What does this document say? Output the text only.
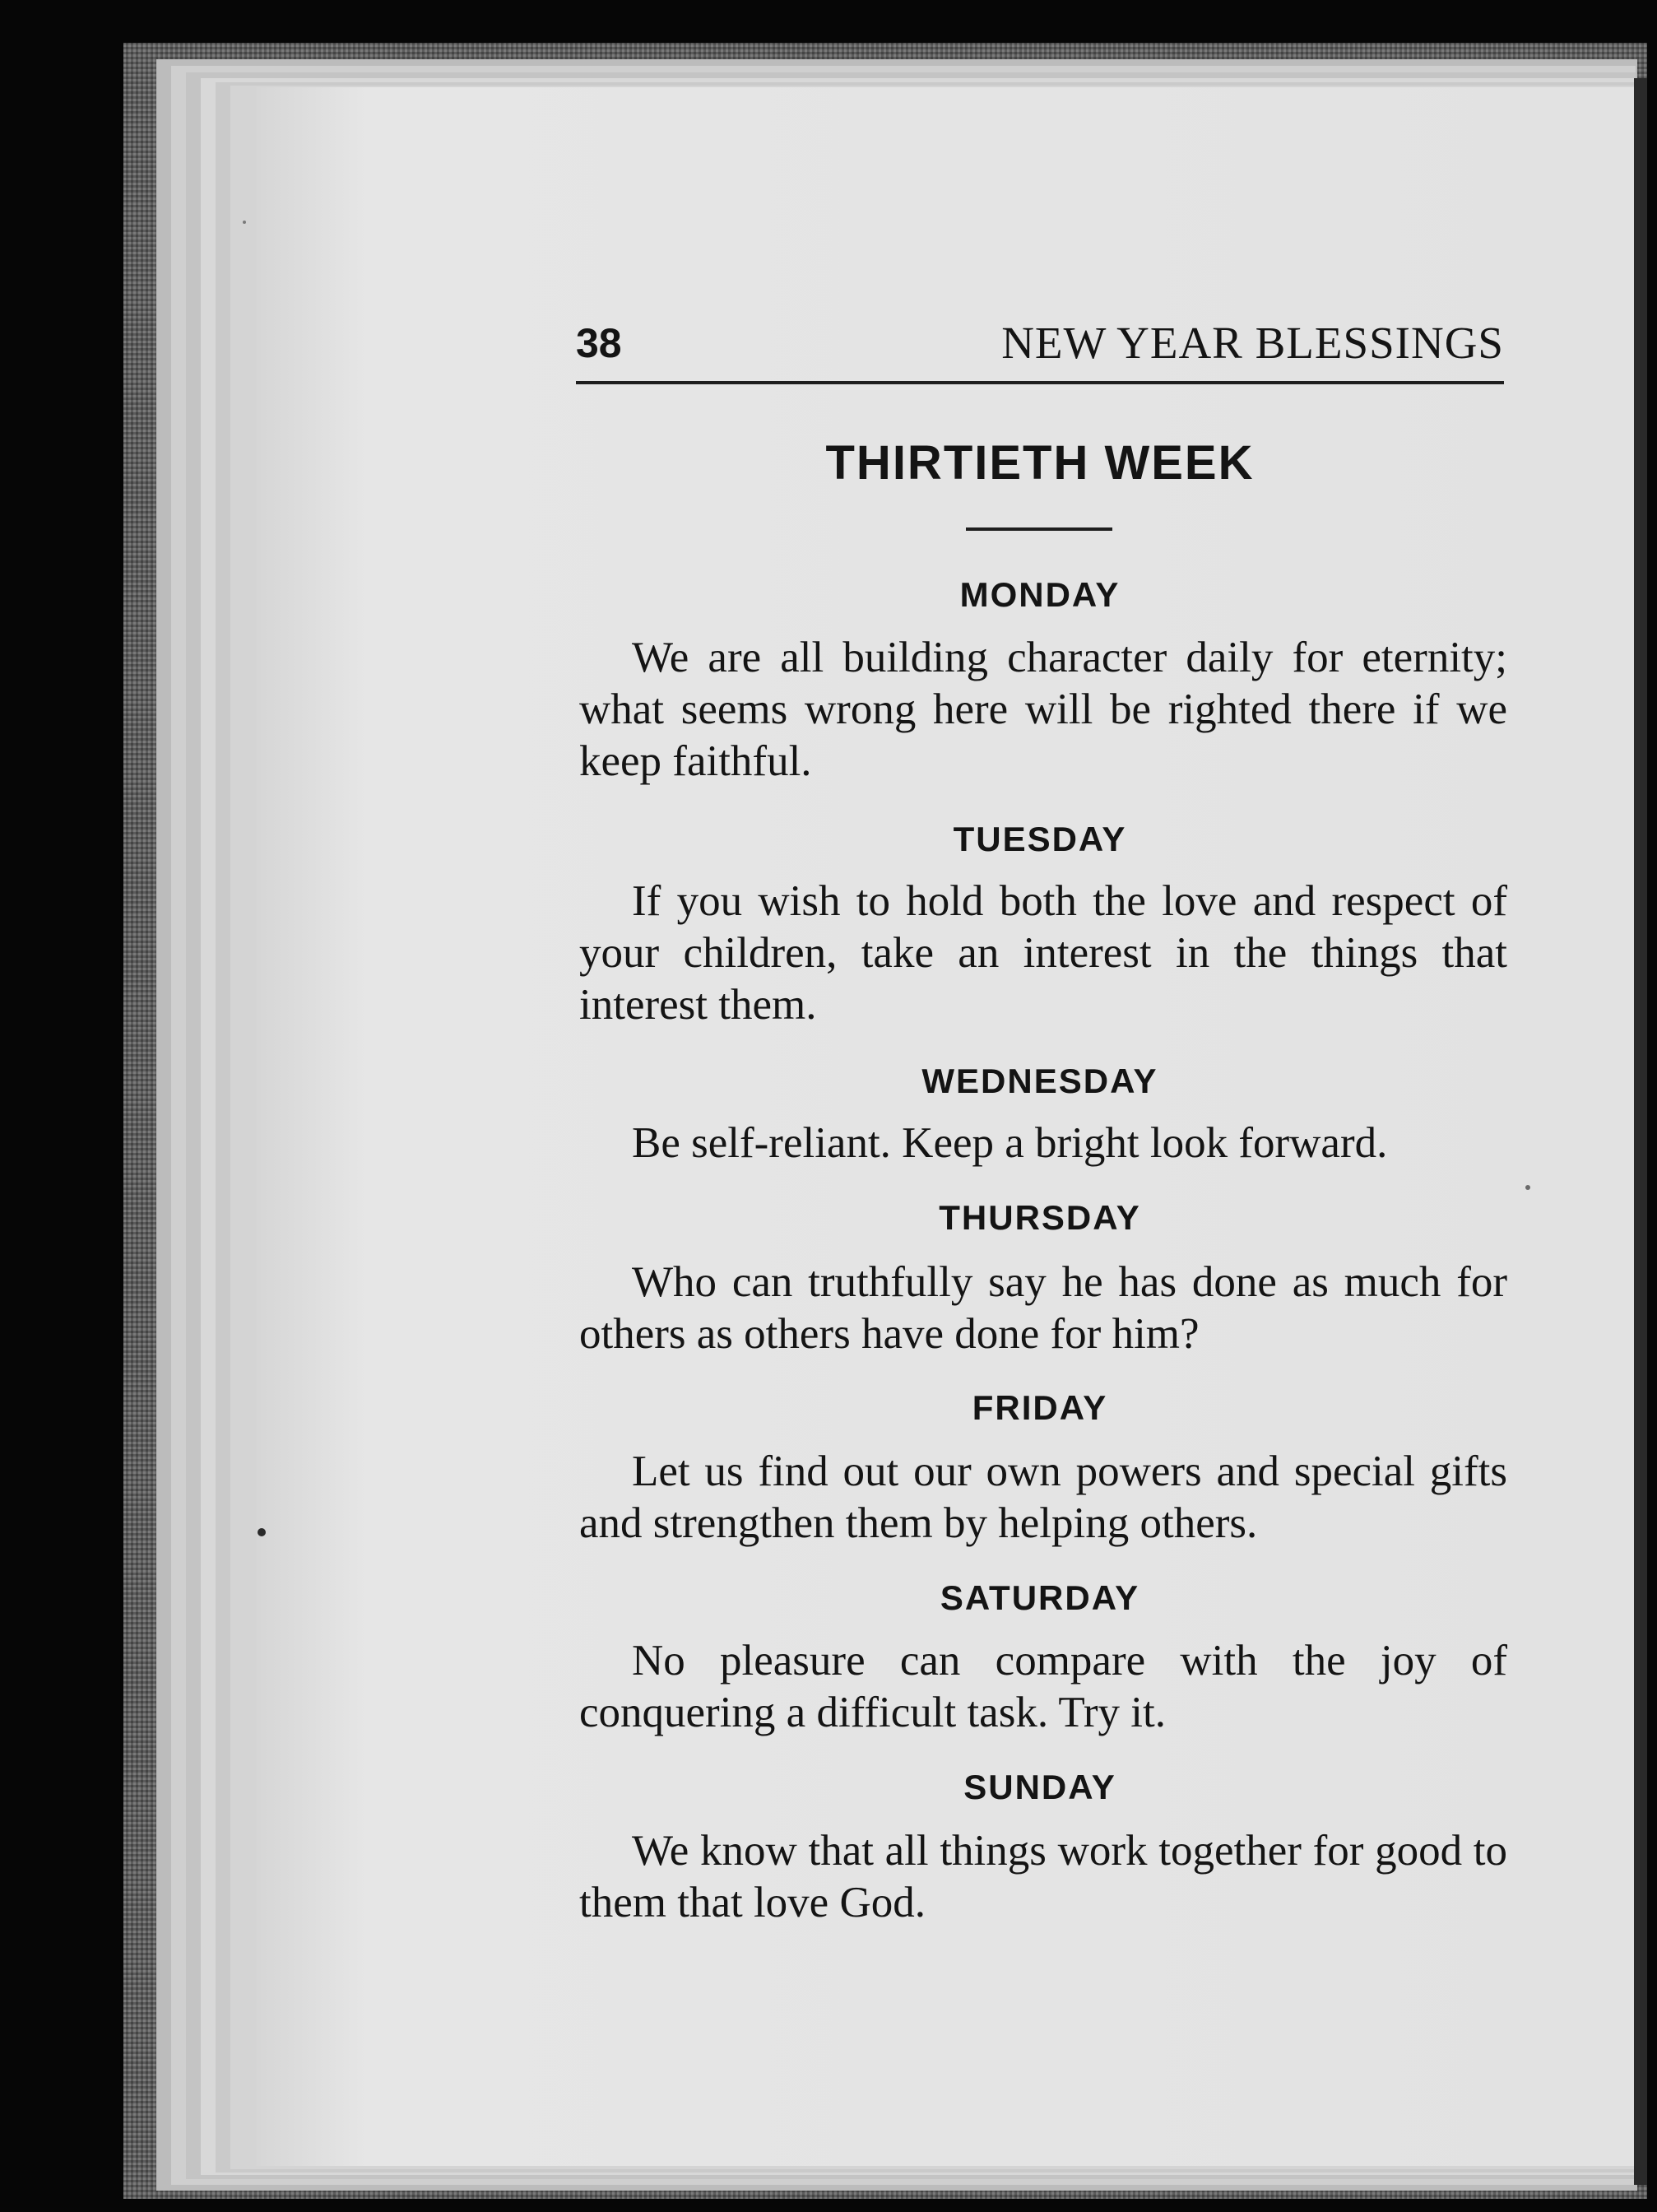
38	NEW YEAR BLESSINGS
THIRTIETH WEEK
MONDAY
We are all building character daily for eternity; what seems wrong here will be righted there if we keep faithful.
TUESDAY
If you wish to hold both the love and respect of your children, take an interest in the things that interest them.
WEDNESDAY
Be self-reliant. Keep a bright look forward.
THURSDAY
Who can truthfully say he has done as much for others as others have done for him?
FRIDAY
Let us find out our own powers and special gifts and strengthen them by helping others.
SATURDAY
No pleasure can compare with the joy of conquering a difficult task. Try it.
SUNDAY
We know that all things work together for good to them that love God.
